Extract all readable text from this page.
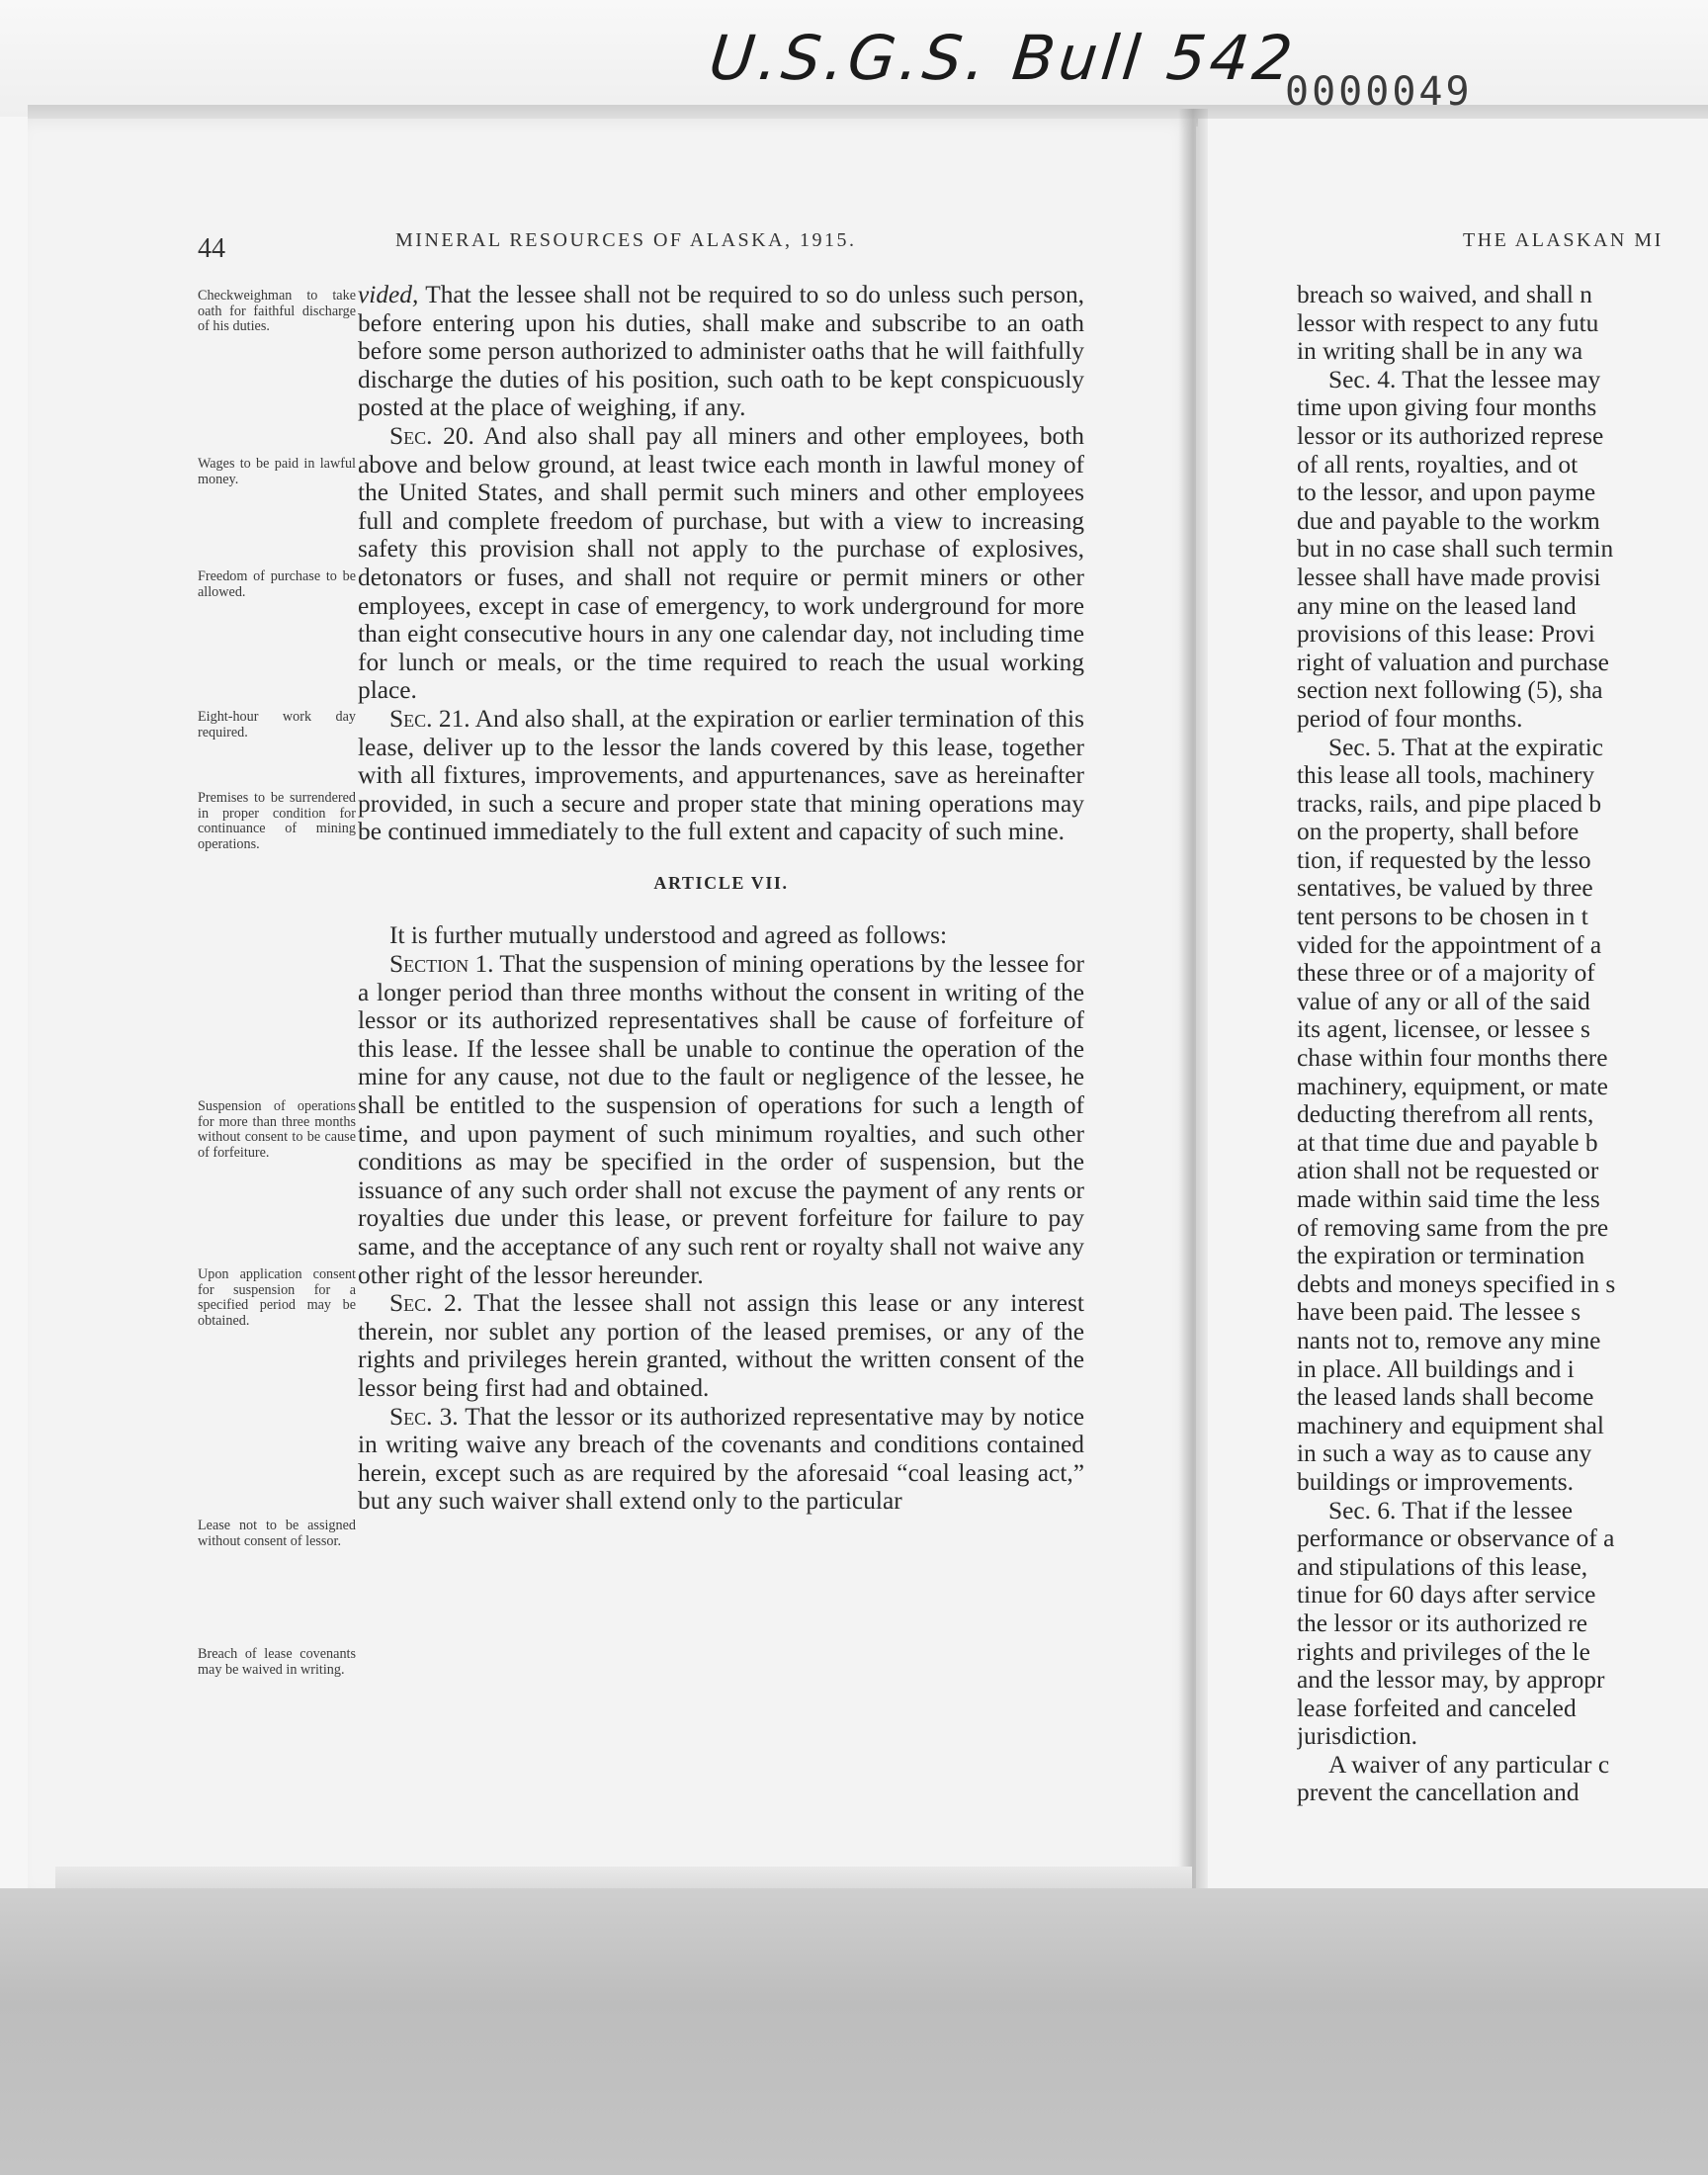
U.S.G.S. Bull 542
0000049
44	MINERAL RESOURCES OF ALASKA, 1915.	THE ALASKAN MI
Checkweighman to take oath for faithful discharge of his duties.
Wages to be paid in lawful money.
Freedom of purchase to be allowed.
Eight-hour work day required.
Premises to be surrendered in proper condition for continuance of mining operations.
Suspension of operations for more than three months without consent to be cause of forfeiture.
Upon application consent for suspension for a specified period may be obtained.
Lease not to be assigned without consent of lessor.
Breach of lease covenants may be waived in writing.

vided, That the lessee shall not be required to so do unless such person, before entering upon his duties, shall make and subscribe to an oath before some person authorized to administer oaths that he will faithfully discharge the duties of his position, such oath to be kept conspicuously posted at the place of weighing, if any.

Sec. 20. And also shall pay all miners and other employees, both above and below ground, at least twice each month in lawful money of the United States, and shall permit such miners and other employees full and complete freedom of purchase, but with a view to increasing safety this provision shall not apply to the purchase of explosives, detonators or fuses, and shall not require or permit miners or other employees, except in case of emergency, to work underground for more than eight consecutive hours in any one calendar day, not including time for lunch or meals, or the time required to reach the usual working place.

Sec. 21. And also shall, at the expiration or earlier termination of this lease, deliver up to the lessor the lands covered by this lease, together with all fixtures, improvements, and appurtenances, save as hereinafter provided, in such a secure and proper state that mining operations may be continued immediately to the full extent and capacity of such mine.

ARTICLE VII.

It is further mutually understood and agreed as follows:

Section 1. That the suspension of mining operations by the lessee for a longer period than three months without the consent in writing of the lessor or its authorized representatives shall be cause of forfeiture of this lease. If the lessee shall be unable to continue the operation of the mine for any cause, not due to the fault or negligence of the lessee, he shall be entitled to the suspension of operations for such a length of time, and upon payment of such minimum royalties, and such other conditions as may be specified in the order of suspension, but the issuance of any such order shall not excuse the payment of any rents or royalties due under this lease, or prevent forfeiture for failure to pay same, and the acceptance of any such rent or royalty shall not waive any other right of the lessor hereunder.

Sec. 2. That the lessee shall not assign this lease or any interest therein, nor sublet any portion of the leased premises, or any of the rights and privileges herein granted, without the written consent of the lessor being first had and obtained.

Sec. 3. That the lessor or its authorized representative may by notice in writing waive any breach of the covenants and conditions contained herein, except such as are required by the aforesaid “coal leasing act,” but any such waiver shall extend only to the particular

breach so waived, and shall n
lessor with respect to any futu
in writing shall be in any wa
Sec. 4. That the lessee may
time upon giving four months
lessor or its authorized represe
of all rents, royalties, and ot
to the lessor, and upon payme
due and payable to the workm
but in no case shall such termin
lessee shall have made provisi
any mine on the leased land
provisions of this lease: Provi
right of valuation and purchase
section next following (5), sha
period of four months.
Sec. 5. That at the expiratic
this lease all tools, machinery
tracks, rails, and pipe placed b
on the property, shall before
tion, if requested by the lesso
sentatives, be valued by three
tent persons to be chosen in t
vided for the appointment of a
these three or of a majority of
value of any or all of the said
its agent, licensee, or lessee s
chase within four months there
machinery, equipment, or mate
deducting therefrom all rents,
at that time due and payable b
ation shall not be requested or
made within said time the less
of removing same from the pre
the expiration or termination
debts and moneys specified in s
have been paid. The lessee s
nants not to, remove any mine
in place. All buildings and i
the leased lands shall become
machinery and equipment shal
in such a way as to cause any
buildings or improvements.
Sec. 6. That if the lessee
performance or observance of a
and stipulations of this lease,
tinue for 60 days after service
the lessor or its authorized re
rights and privileges of the le
and the lessor may, by appropr
lease forfeited and canceled
jurisdiction.
A waiver of any particular c
prevent the cancellation and
